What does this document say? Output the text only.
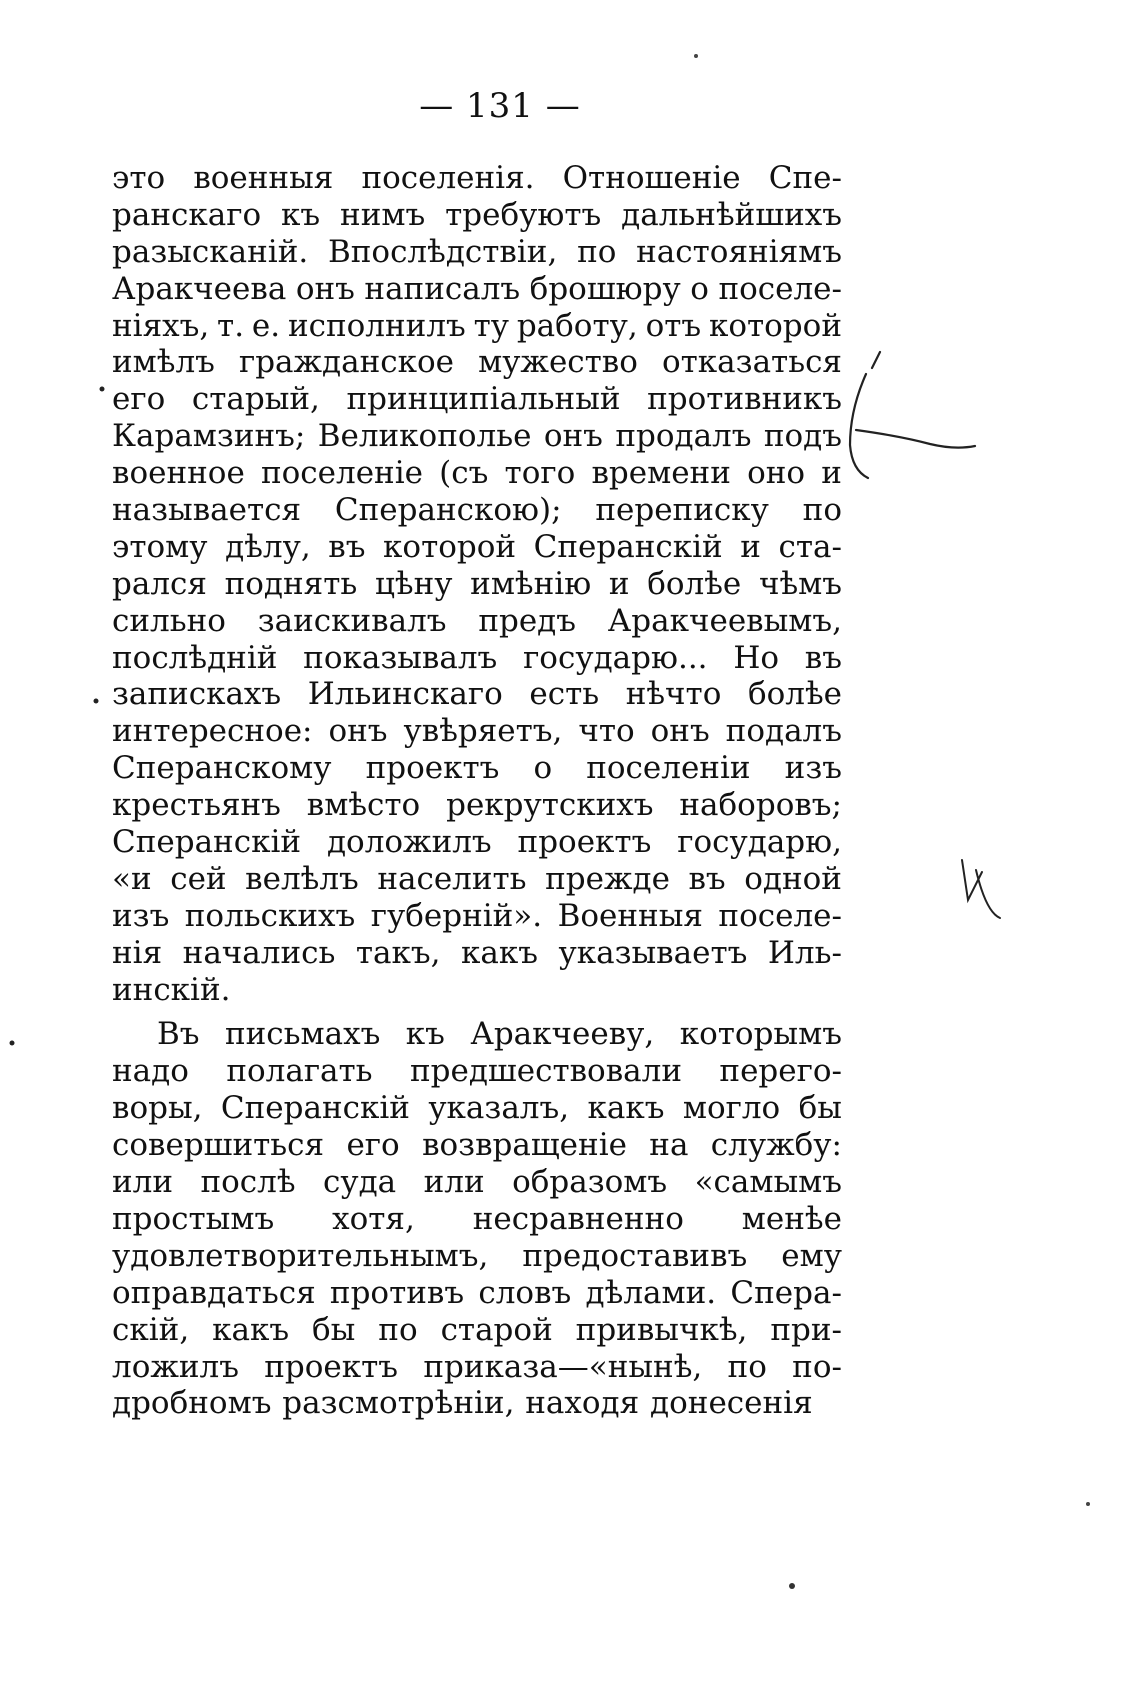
— 131 —
это военныя поселенія. Отношеніе Спе-
ранскаго къ нимъ требуютъ дальнѣйшихъ
разысканій. Впослѣдствіи, по настояніямъ
Аракчеева онъ написалъ брошюру о поселе-
ніяхъ, т. е. исполнилъ ту работу, отъ которой
имѣлъ гражданское мужество отказаться
его старый, принципіальный противникъ
Карамзинъ; Великополье онъ продалъ подъ
военное поселеніе (съ того времени оно и
называется Сперанскою); переписку по
этому дѣлу, въ которой Сперанскій и ста-
рался поднять цѣну имѣнію и болѣе чѣмъ
сильно заискивалъ предъ Аракчеевымъ,
послѣдній показывалъ государю... Но въ
запискахъ Ильинскаго есть нѣчто болѣе
интересное: онъ увѣряетъ, что онъ подалъ
Сперанскому проектъ о поселеніи изъ
крестьянъ вмѣсто рекрутскихъ наборовъ;
Сперанскій доложилъ проектъ государю,
«и сей велѣлъ населить прежде въ одной
изъ польскихъ губерній». Военныя поселе-
нія начались такъ, какъ указываетъ Иль-
инскій.
Въ письмахъ къ Аракчееву, которымъ
надо полагать предшествовали перего-
воры, Сперанскій указалъ, какъ могло бы
совершиться его возвращеніе на службу:
или послѣ суда или образомъ «самымъ
простымъ хотя, несравненно менѣе
удовлетворительнымъ, предоставивъ ему
оправдаться противъ словъ дѣлами. Спера-
скій, какъ бы по старой привычкѣ, при-
ложилъ проектъ приказа—«нынѣ, по по-
дробномъ разсмотрѣніи, находя донесенія
